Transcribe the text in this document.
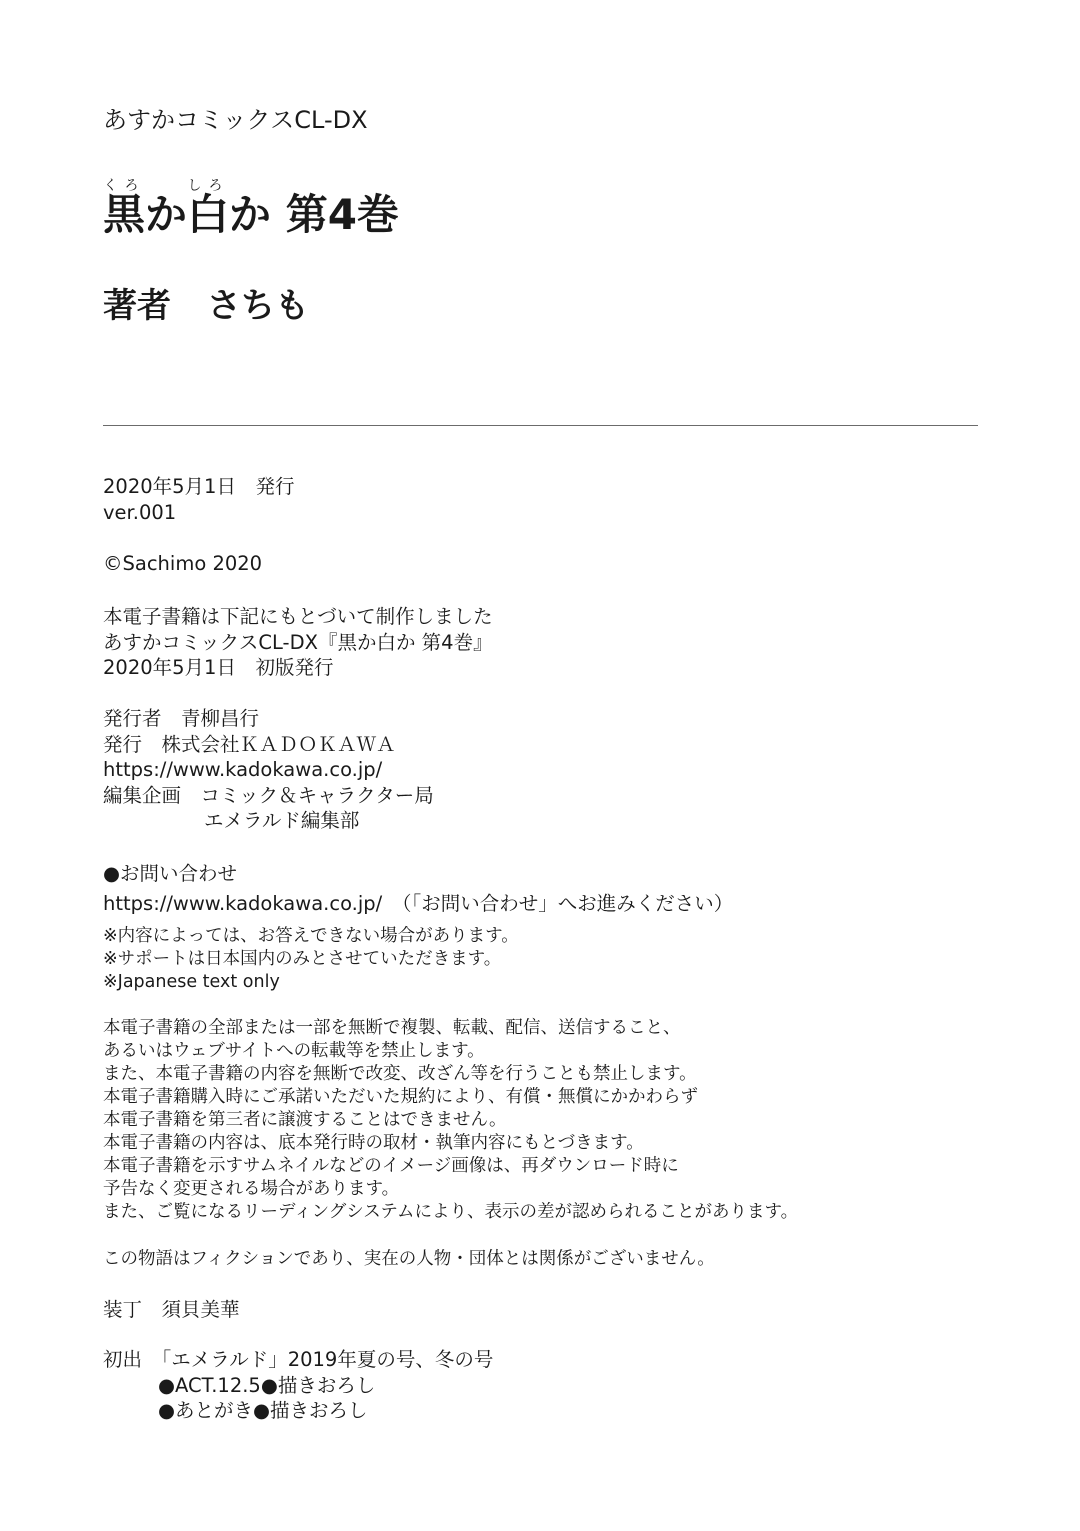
あすかコミックスCL-DX
黒くろか白しろか 第4巻
著者 さちも
2020年5月1日　発行
ver.001
©Sachimo 2020
本電子書籍は下記にもとづいて制作しました
あすかコミックスCL-DX『黒か白か 第4巻』
2020年5月1日　初版発行
発行者　 青柳昌行
発行　 株式会社ＫＡＤＯＫＡＷＡ
https://www.kadokawa.co.jp/
編集企画　 コミック＆キャラクター局
エメラルド編集部
●お問い合わせ
https://www.kadokawa.co.jp/　（「お問い合わせ」へお進みください）
※内容によっては、お答えできない場合があります。
※サポートは日本国内のみとさせていただきます。
※Japanese text only
本電子書籍の全部または一部を無断で複製、転載、配信、送信すること、
あるいはウェブサイトへの転載等を禁止します。
また、本電子書籍の内容を無断で改変、改ざん等を行うことも禁止します。
本電子書籍購入時にご承諾いただいた規約により、有償・無償にかかわらず
本電子書籍を第三者に譲渡することはできません。
本電子書籍の内容は、底本発行時の取材・執筆内容にもとづきます。
本電子書籍を示すサムネイルなどのイメージ画像は、再ダウンロード時に
予告なく変更される場合があります。
また、ご覧になるリーディングシステムにより、表示の差が認められることがあります。
この物語はフィクションであり、実在の人物・団体とは関係がございません。
装丁　 須貝美華
初出　 「エメラルド」2019年夏の号、冬の号
●ACT.12.5●描きおろし
●あとがき●描きおろし
